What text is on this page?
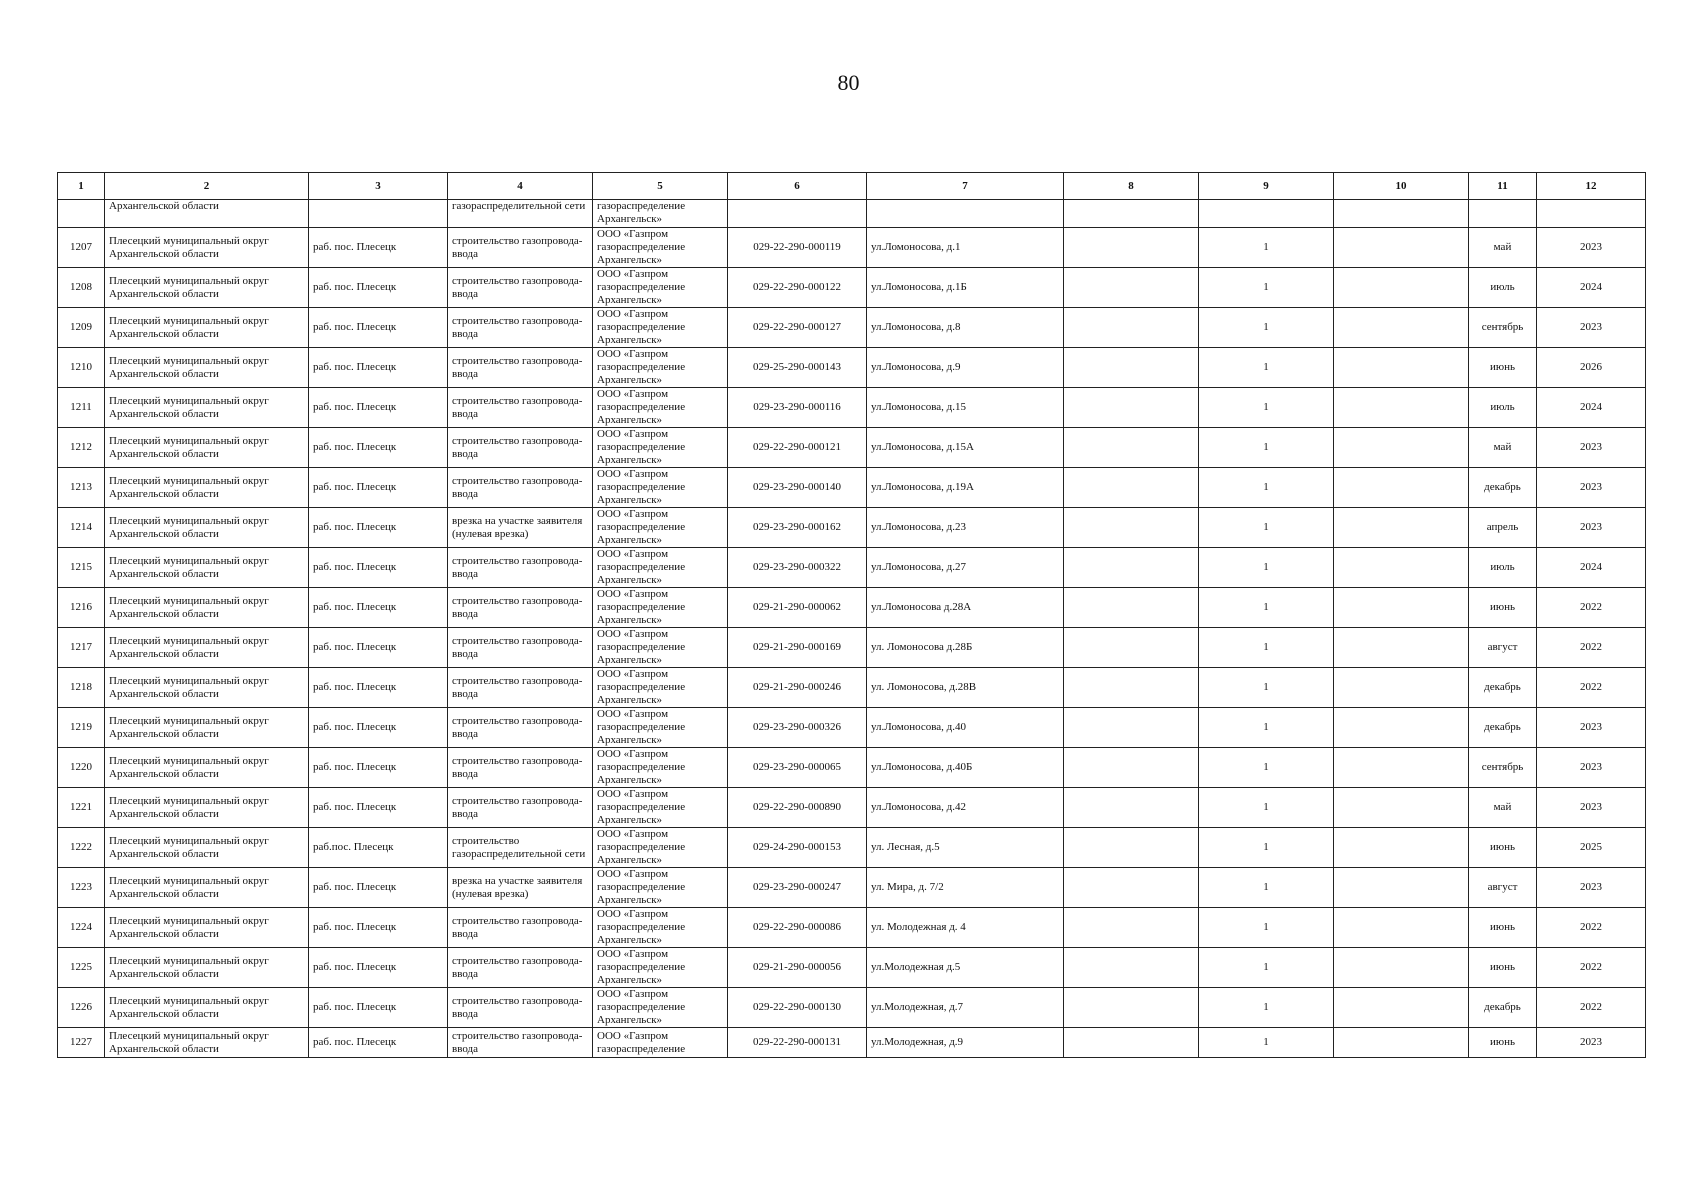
80
1	2	3	4	5	6	7	8	9	10	11	12
	Архангельской области		газораспределительной сети	газораспределение Архангельск»							
1207	Плесецкий муниципальный округ Архангельской области	раб. пос. Плесецк	строительство газопровода-ввода	ООО «Газпром газораспределение Архангельск»	029-22-290-000119	ул.Ломоносова, д.1		1		май	2023
1208	Плесецкий муниципальный округ Архангельской области	раб. пос. Плесецк	строительство газопровода-ввода	ООО «Газпром газораспределение Архангельск»	029-22-290-000122	ул.Ломоносова, д.1Б		1		июль	2024
1209	Плесецкий муниципальный округ Архангельской области	раб. пос. Плесецк	строительство газопровода-ввода	ООО «Газпром газораспределение Архангельск»	029-22-290-000127	ул.Ломоносова, д.8		1		сентябрь	2023
1210	Плесецкий муниципальный округ Архангельской области	раб. пос. Плесецк	строительство газопровода-ввода	ООО «Газпром газораспределение Архангельск»	029-25-290-000143	ул.Ломоносова, д.9		1		июнь	2026
1211	Плесецкий муниципальный округ Архангельской области	раб. пос. Плесецк	строительство газопровода-ввода	ООО «Газпром газораспределение Архангельск»	029-23-290-000116	ул.Ломоносова, д.15		1		июль	2024
1212	Плесецкий муниципальный округ Архангельской области	раб. пос. Плесецк	строительство газопровода-ввода	ООО «Газпром газораспределение Архангельск»	029-22-290-000121	ул.Ломоносова, д.15А		1		май	2023
1213	Плесецкий муниципальный округ Архангельской области	раб. пос. Плесецк	строительство газопровода-ввода	ООО «Газпром газораспределение Архангельск»	029-23-290-000140	ул.Ломоносова, д.19А		1		декабрь	2023
1214	Плесецкий муниципальный округ Архангельской области	раб. пос. Плесецк	врезка на участке заявителя (нулевая врезка)	ООО «Газпром газораспределение Архангельск»	029-23-290-000162	ул.Ломоносова, д.23		1		апрель	2023
1215	Плесецкий муниципальный округ Архангельской области	раб. пос. Плесецк	строительство газопровода-ввода	ООО «Газпром газораспределение Архангельск»	029-23-290-000322	ул.Ломоносова, д.27		1		июль	2024
1216	Плесецкий муниципальный округ Архангельской области	раб. пос. Плесецк	строительство газопровода-ввода	ООО «Газпром газораспределение Архангельск»	029-21-290-000062	ул.Ломоносова д.28А		1		июнь	2022
1217	Плесецкий муниципальный округ Архангельской области	раб. пос. Плесецк	строительство газопровода-ввода	ООО «Газпром газораспределение Архангельск»	029-21-290-000169	ул. Ломоносова д.28Б		1		август	2022
1218	Плесецкий муниципальный округ Архангельской области	раб. пос. Плесецк	строительство газопровода-ввода	ООО «Газпром газораспределение Архангельск»	029-21-290-000246	ул. Ломоносова, д.28В		1		декабрь	2022
1219	Плесецкий муниципальный округ Архангельской области	раб. пос. Плесецк	строительство газопровода-ввода	ООО «Газпром газораспределение Архангельск»	029-23-290-000326	ул.Ломоносова, д.40		1		декабрь	2023
1220	Плесецкий муниципальный округ Архангельской области	раб. пос. Плесецк	строительство газопровода-ввода	ООО «Газпром газораспределение Архангельск»	029-23-290-000065	ул.Ломоносова, д.40Б		1		сентябрь	2023
1221	Плесецкий муниципальный округ Архангельской области	раб. пос. Плесецк	строительство газопровода-ввода	ООО «Газпром газораспределение Архангельск»	029-22-290-000890	ул.Ломоносова, д.42		1		май	2023
1222	Плесецкий муниципальный округ Архангельской области	раб.пос. Плесецк	строительство газораспределительной сети	ООО «Газпром газораспределение Архангельск»	029-24-290-000153	ул. Лесная, д.5		1		июнь	2025
1223	Плесецкий муниципальный округ Архангельской области	раб. пос. Плесецк	врезка на участке заявителя (нулевая врезка)	ООО «Газпром газораспределение Архангельск»	029-23-290-000247	ул. Мира, д. 7/2		1		август	2023
1224	Плесецкий муниципальный округ Архангельской области	раб. пос. Плесецк	строительство газопровода-ввода	ООО «Газпром газораспределение Архангельск»	029-22-290-000086	ул. Молодежная д. 4		1		июнь	2022
1225	Плесецкий муниципальный округ Архангельской области	раб. пос. Плесецк	строительство газопровода-ввода	ООО «Газпром газораспределение Архангельск»	029-21-290-000056	ул.Молодежная д.5		1		июнь	2022
1226	Плесецкий муниципальный округ Архангельской области	раб. пос. Плесецк	строительство газопровода-ввода	ООО «Газпром газораспределение Архангельск»	029-22-290-000130	ул.Молодежная, д.7		1		декабрь	2022
1227	Плесецкий муниципальный округ Архангельской области	раб. пос. Плесецк	строительство газопровода-ввода	ООО «Газпром газораспределение	029-22-290-000131	ул.Молодежная, д.9		1		июнь	2023
